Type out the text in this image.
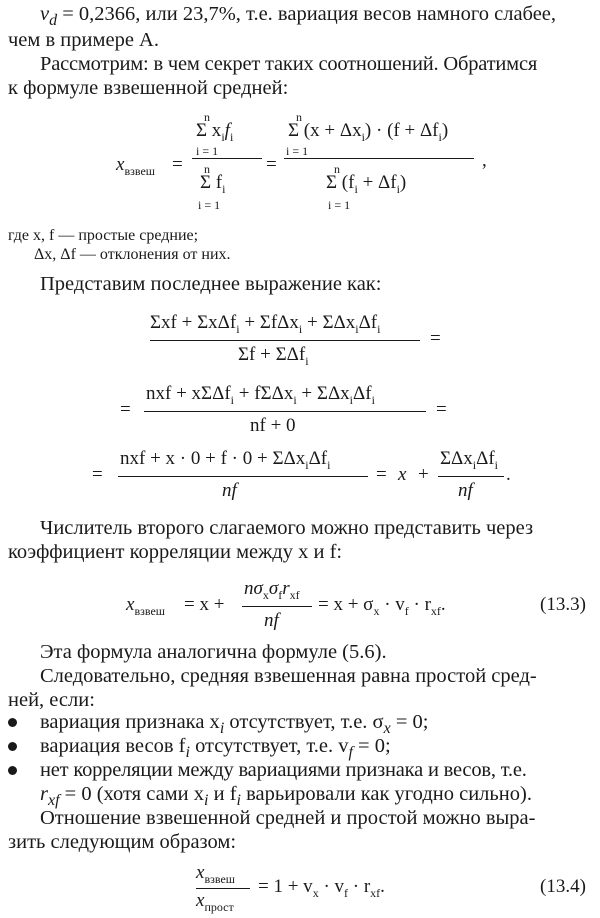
$v_d = 0,2366$, или 23,7%, т.е. вариация весов намного слабее,
чем в примере А.
Рассмотрим: в чем секрет таких соотношений. Обратимся
к формуле взвешенной средней:
$x_{взвеш}$ =
n
Σ $x_if_i$
i = 1
n
Σ $f_i$
i = 1
=
n
Σ $(x + \Delta x_i) \cdot (f + \Delta f_i)$
i = 1
n
Σ $(f_i + \Delta f_i)$
i = 1
,
где x, f — простые средние;
Δx, Δf — отклонения от них.
Представим последнее выражение как:
$\Sigma xf + \Sigma x\Delta f_i + \Sigma f\Delta x_i + \Sigma\Delta x_i\Delta f_i$
Σf + ΣΔf$_i$
=
=
nxf + $x\Sigma\Delta f_i + f\Sigma\Delta x_i + \Sigma\Delta x_i\Delta f_i$
nf + 0
=
=
nxf + $x \cdot 0 + f \cdot 0 + \Sigma\Delta x_i\Delta f_i$
nf
= x +
$\Sigma\Delta x_i\Delta f_i$
nf
.
Числитель второго слагаемого можно представить через
коэффициент корреляции между x и f:
$x_{взвеш} = x$ +
$n\sigma_x\sigma_fr_{xf}$
nf
= $x + \sigma_x \cdot v_f \cdot r_{xf}$.	(13.3)
Эта формула аналогична формуле (5.6).
Следовательно, средняя взвешенная равна простой сред-
ней, если:
вариация признака $x_i$ отсутствует, т.е. $\sigma_x = 0$;
вариация весов $f_i$ отсутствует, т.е. $v_f = 0$;
нет корреляции между вариациями признака и весов, т.е.
$r_{xf} = 0$ (хотя сами $x_i$ и $f_i$ варьировали как угодно сильно).
Отношение взвешенной средней и простой можно выра-
зить следующим образом:
$x_{взвеш}$
$x_{прост}$
= $1 + v_x \cdot v_f \cdot r_{xf}$.	(13.4)
